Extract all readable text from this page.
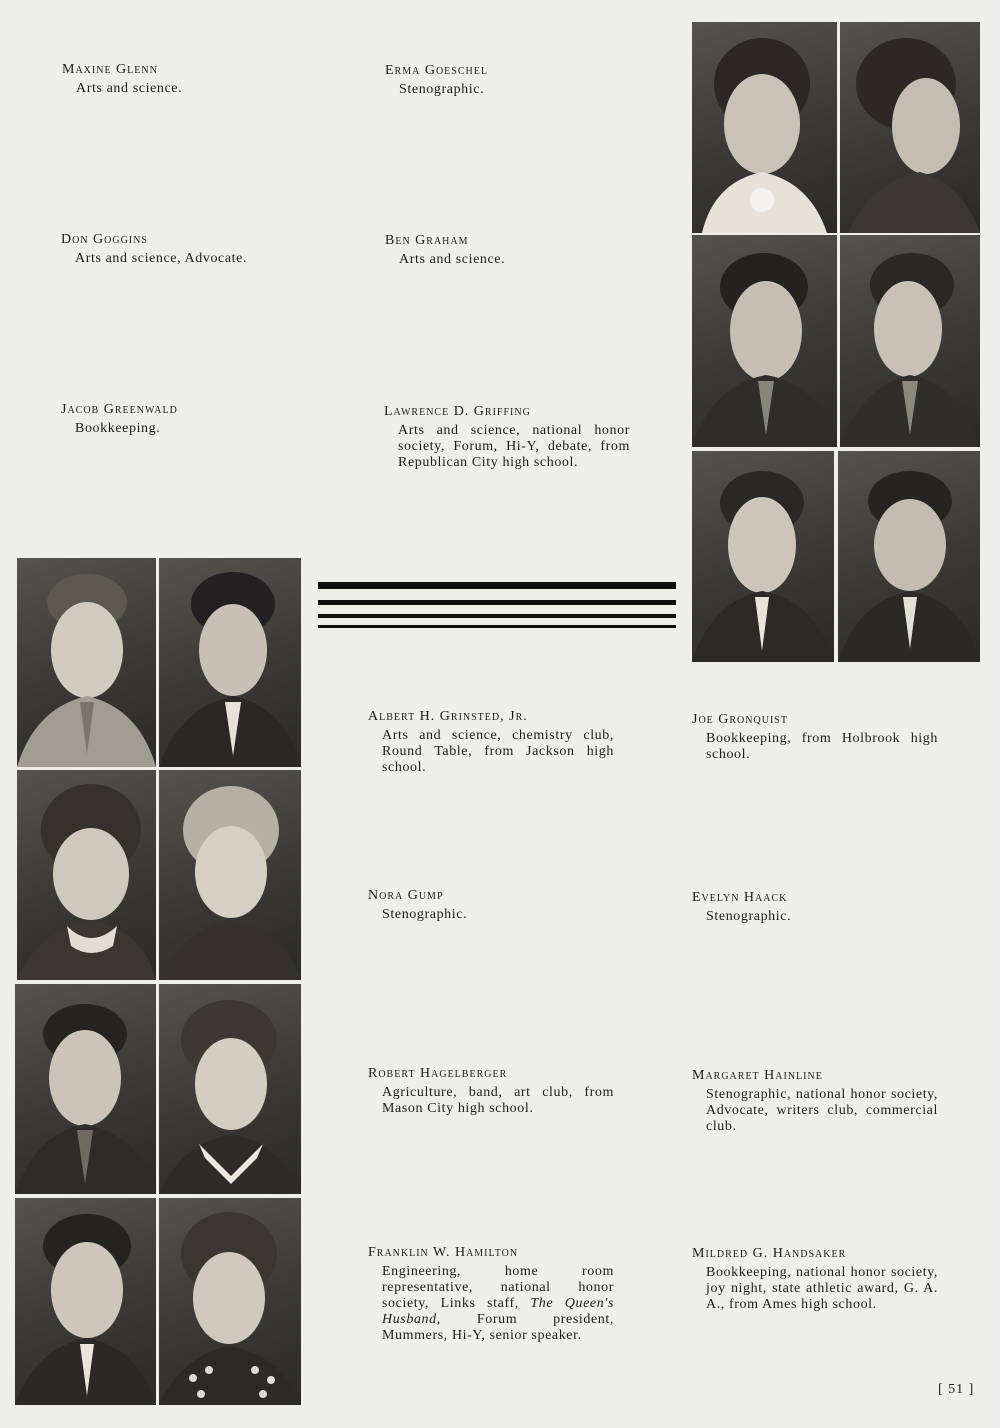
Maxine Glenn
Arts and science.
Erma Goeschel
Stenographic.
Don Goggins
Arts and science, Advocate.
Ben Graham
Arts and science.
Jacob Greenwald
Bookkeeping.
Lawrence D. Griffing
Arts and science, national honor society, Forum, Hi-Y, debate, from Republican City high school.
Albert H. Grinsted, Jr.
Arts and science, chemistry club, Round Table, from Jackson high school.
Joe Gronquist
Bookkeeping, from Holbrook high school.
Nora Gump
Stenographic.
Evelyn Haack
Stenographic.
Robert Hagelberger
Agriculture, band, art club, from Mason City high school.
Margaret Hainline
Stenographic, national honor society, Advocate, writers club, commercial club.
Franklin W. Hamilton
Engineering, home room representative, national honor society, Links staff, The Queen's Husband, Forum president, Mummers, Hi-Y, senior speaker.
Mildred G. Handsaker
Bookkeeping, national honor society, joy night, state athletic award, G. A. A., from Ames high school.
[ 51 ]
